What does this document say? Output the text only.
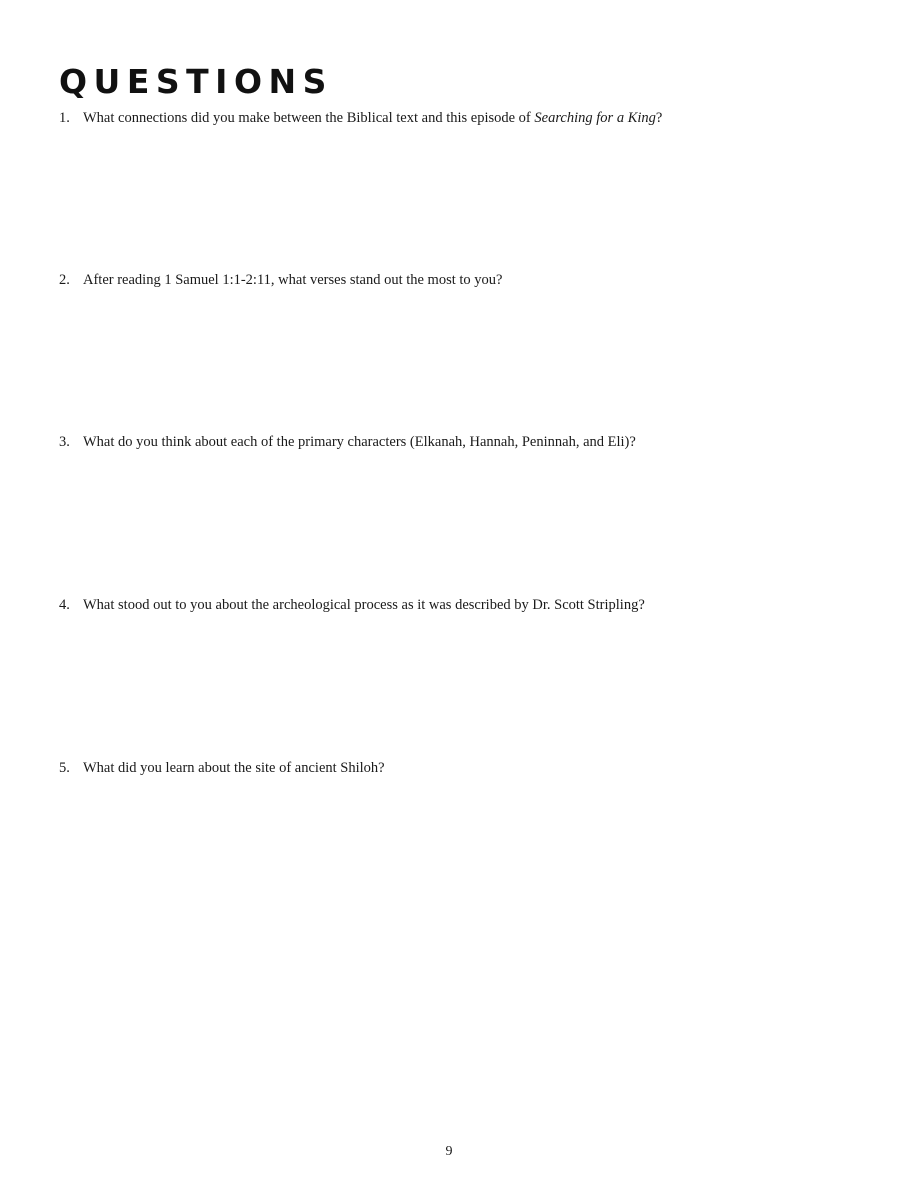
QUESTIONS
1. What connections did you make between the Biblical text and this episode of Searching for a King?
2. After reading 1 Samuel 1:1-2:11, what verses stand out the most to you?
3. What do you think about each of the primary characters (Elkanah, Hannah, Peninnah, and Eli)?
4. What stood out to you about the archeological process as it was described by Dr. Scott Stripling?
5. What did you learn about the site of ancient Shiloh?
9
